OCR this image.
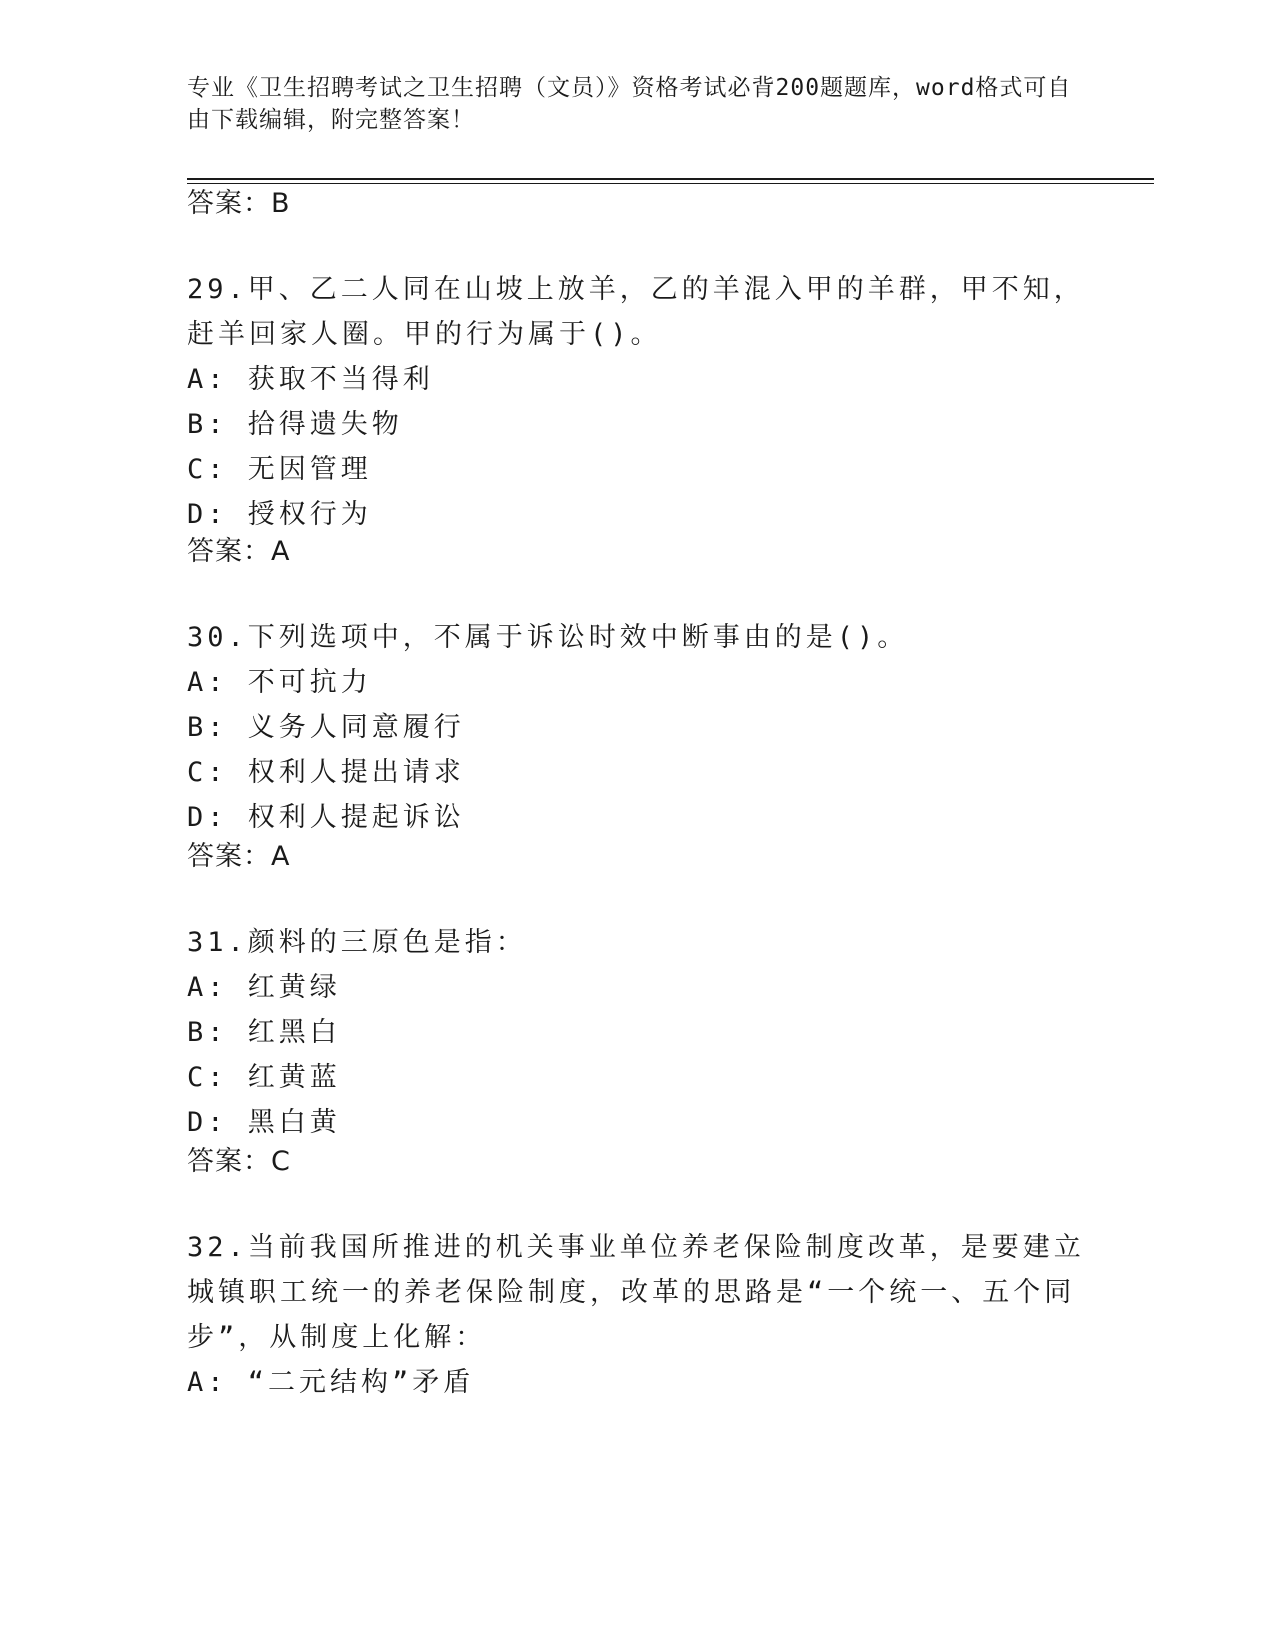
专业《卫生招聘考试之卫生招聘（文员）》资格考试必背200题题库，word格式可自由下载编辑，附完整答案！
答案：B

29.甲、乙二人同在山坡上放羊，乙的羊混入甲的羊群，甲不知，赶羊回家人圈。甲的行为属于()。

A: 获取不当得利

B: 拾得遗失物

C: 无因管理

D: 授权行为

答案：A

30.下列选项中，不属于诉讼时效中断事由的是()。

A: 不可抗力

B: 义务人同意履行

C: 权利人提出请求

D: 权利人提起诉讼

答案：A

31.颜料的三原色是指：

A: 红黄绿

B: 红黑白

C: 红黄蓝

D: 黑白黄

答案：C

32.当前我国所推进的机关事业单位养老保险制度改革，是要建立城镇职工统一的养老保险制度，改革的思路是“一个统一、五个同步”，从制度上化解：

A: “二元结构”矛盾
